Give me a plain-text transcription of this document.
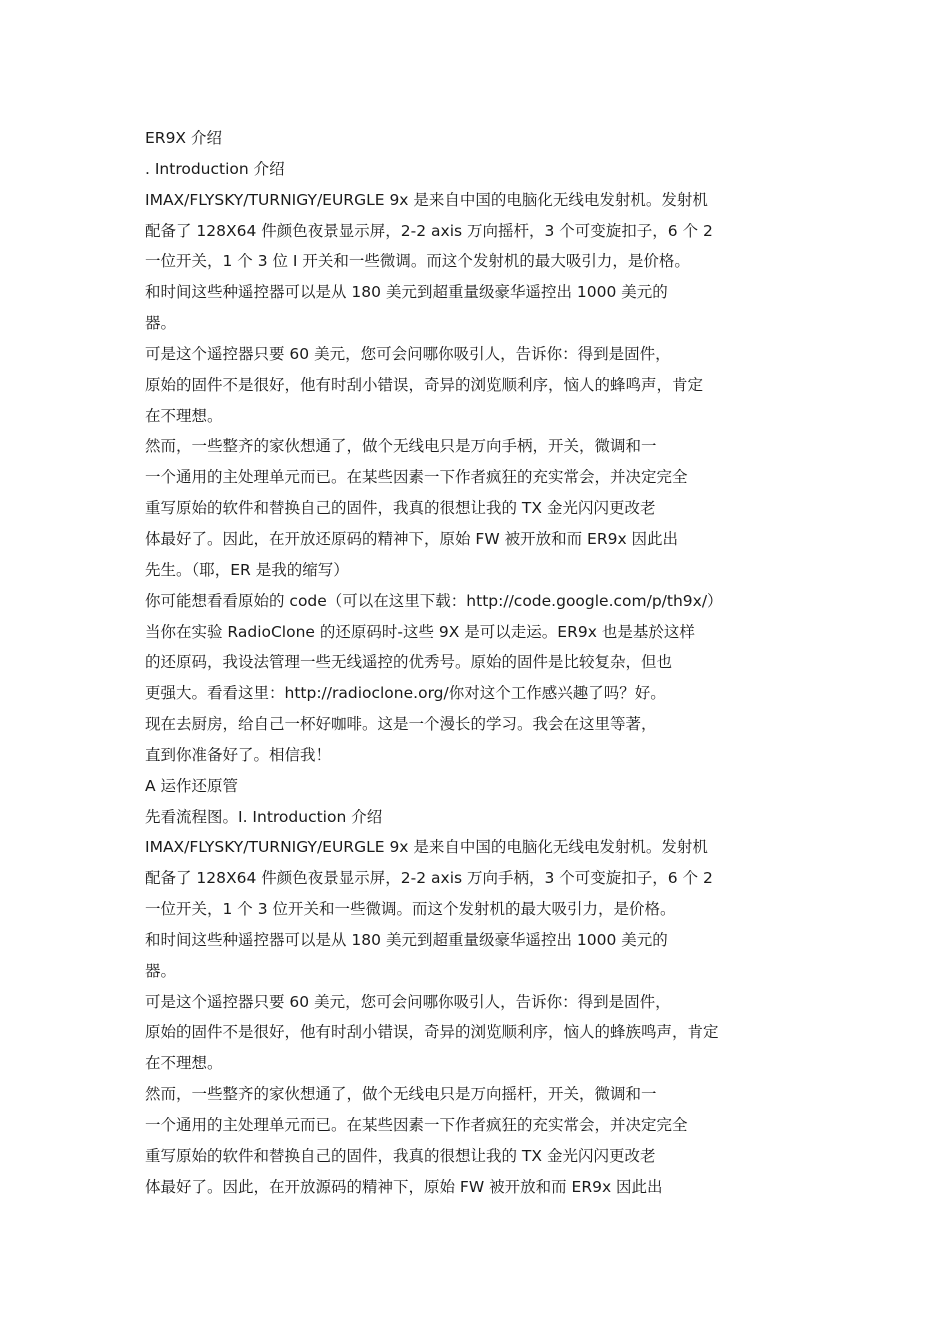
ER9X 介绍
. Introduction 介绍
IMAX/FLYSKY/TURNIGY/EURGLE 9x 是来自中国的电脑化无线电发射机。发射机
配备了 128X64 件颜色夜景显示屏，2-2 axis 万向摇杆，3 个可变旋扣子，6 个 2
一位开关，1 个 3 位 I 开关和一些微调。而这个发射机的最大吸引力，是价格。
和时间这些种遥控器可以是从 180 美元到超重量级豪华遥控出 1000 美元的
器。
可是这个遥控器只要 60 美元，您可会问哪你吸引人，告诉你：得到是固件，
原始的固件不是很好，他有时刮小错误，奇异的浏览顺利序，恼人的蜂鸣声，肯定
在不理想。
然而，一些整齐的家伙想通了，做个无线电只是万向手柄，开关，微调和一
一个通用的主处理单元而已。在某些因素一下作者疯狂的充实常会，并决定完全
重写原始的软件和替换自己的固件，我真的很想让我的 TX 金光闪闪更改老
体最好了。因此，在开放还原码的精神下，原始 FW 被开放和而 ER9x 因此出
先生。（耶，ER 是我的缩写）
你可能想看看原始的 code（可以在这里下载：http://code.google.com/p/th9x/）
当你在实验 RadioClone 的还原码时-这些 9X 是可以走运。ER9x 也是基於这样
的还原码，我设法管理一些无线遥控的优秀号。原始的固件是比较复杂，但也
更强大。看看这里：http://radioclone.org/你对这个工作感兴趣了吗？好。
现在去厨房，给自己一杯好咖啡。这是一个漫长的学习。我会在这里等著，
直到你准备好了。相信我！
A 运作还原管
先看流程图。I. Introduction 介绍
IMAX/FLYSKY/TURNIGY/EURGLE 9x 是来自中国的电脑化无线电发射机。发射机
配备了 128X64 件颜色夜景显示屏，2-2 axis 万向手柄，3 个可变旋扣子，6 个 2
一位开关，1 个 3 位开关和一些微调。而这个发射机的最大吸引力，是价格。
和时间这些种遥控器可以是从 180 美元到超重量级豪华遥控出 1000 美元的
器。
可是这个遥控器只要 60 美元，您可会问哪你吸引人，告诉你：得到是固件，
原始的固件不是很好，他有时刮小错误，奇异的浏览顺利序，恼人的蜂族鸣声，肯定
在不理想。
然而，一些整齐的家伙想通了，做个无线电只是万向摇杆，开关，微调和一
一个通用的主处理单元而已。在某些因素一下作者疯狂的充实常会，并决定完全
重写原始的软件和替换自己的固件，我真的很想让我的 TX 金光闪闪更改老
体最好了。因此，在开放源码的精神下，原始 FW 被开放和而 ER9x 因此出
